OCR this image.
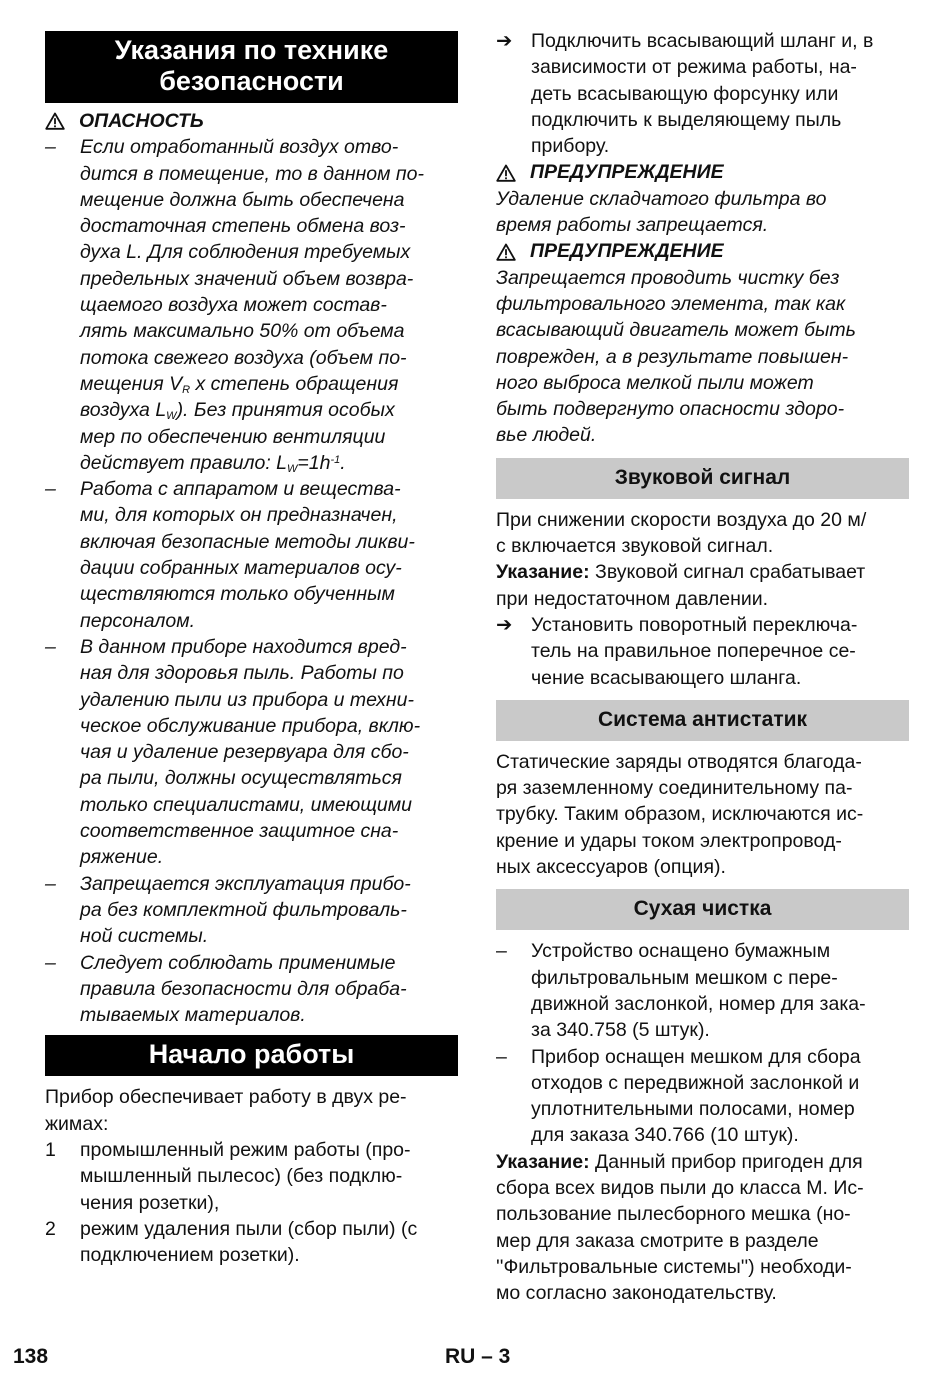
Указания по технике
безопасности
ОПАСНОСТЬ
–	Если отработанный воздух отво-
дится в помещение, то в данном по-
мещение должна быть обеспечена
достаточная степень обмена воз-
духа L. Для соблюдения требуемых
предельных значений объем возвра-
щаемого воздуха может состав-
лять максимально 50% от объема
потока свежего воздуха (объем по-
мещения $V_R$ x степень обращения
воздуха $L_W$). Без принятия особых
мер по обеспечению вентиляции
действует правило: $L_W=1h^{-1}$.
–	Работа с аппаратом и вещества-
ми, для которых он предназначен,
включая безопасные методы ликви-
дации собранных материалов осу-
ществляются только обученным
персоналом.
–	В данном приборе находится вред-
ная для здоровья пыль. Работы по
удалению пыли из прибора и техни-
ческое обслуживание прибора, вклю-
чая и удаление резервуара для сбо-
ра пыли, должны осуществляться
только специалистами, имеющими
соответственное защитное сна-
ряжение.
–	Запрещается эксплуатация прибо-
ра без комплектной фильтроваль-
ной системы.
–	Следует соблюдать применимые
правила безопасности для обраба-
тываемых материалов.
Начало работы

Прибор обеспечивает работу в двух ре-
жимах:

1	промышленный режим работы (про-
мышленный пылесос) (без подклю-
чения розетки),
2	режим удаления пыли (сбор пыли) (с
подключением розетки).
➔ Подключить всасывающий шланг и, в
зависимости от режима работы, на-
деть всасывающую форсунку или
подключить к выделяющему пыль
прибору.
ПРЕДУПРЕЖДЕНИЕ

Удаление складчатого фильтра во
время работы запрещается.

ПРЕДУПРЕЖДЕНИЕ

Запрещается проводить чистку без
фильтровального элемента, так как
всасывающий двигатель может быть
поврежден, а в результате повышен-
ного выброса мелкой пыли может
быть подвергнуто опасности здоро-
вье людей.

Звуковой сигнал

При снижении скорости воздуха до 20 м/
с включается звуковой сигнал.

Указание: Звуковой сигнал срабатывает
при недостаточном давлении.

➔ Установить поворотный переключа-
тель на правильное поперечное се-
чение всасывающего шланга.
Система антистатик

Статические заряды отводятся благода-
ря заземленному соединительному па-
трубку. Таким образом, исключаются ис-
крение и удары током электропровод-
ных аксессуаров (опция).

Сухая чистка
–	Устройство оснащено бумажным
фильтровальным мешком с пере-
движной заслонкой, номер для зака-
за 340.758 (5 штук).
–	Прибор оснащен мешком для сбора
отходов с передвижной заслонкой и
уплотнительными полосами, номер
для заказа 340.766 (10 штук).

Указание: Данный прибор пригоден для
сбора всех видов пыли до класса М. Ис-
пользование пылесборного мешка (но-
мер для заказа смотрите в разделе
''Фильтровальные системы'') необходи-
мо согласно законодательству.

138	RU – 3
